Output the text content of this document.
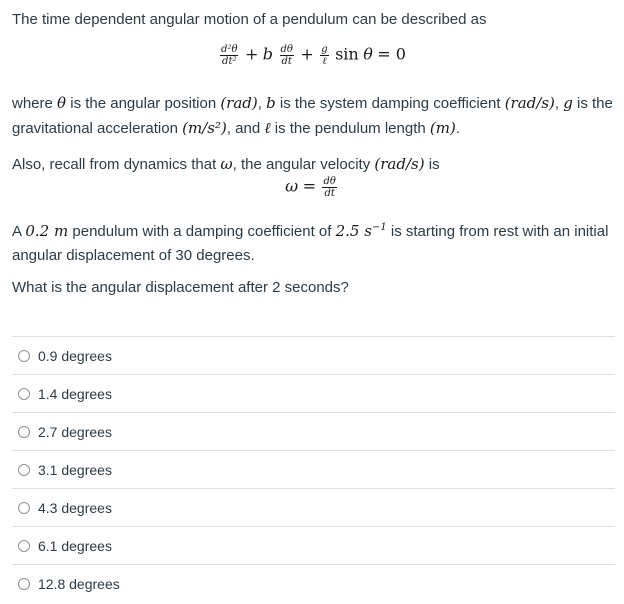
The time dependent angular motion of a pendulum can be described as

$\frac{\text{d²θ}}{\text{dt²}} + b \frac{d\theta}{dt} + \frac{g}{\text{ℓ}}$ sin θ = 0

where θ is the angular position (rad), b is the system damping coefficient (rad/s), g is the gravitational acceleration (m/s²), and ℓ is the pendulum length (m).

Also, recall from dynamics that ω, the angular velocity (rad/s) is

$\omega = \frac{d\theta}{dt}$

A 0.2 m pendulum with a damping coefficient of 2.5 $s^{-1}$ is starting from rest with an initial angular displacement of 30 degrees.

What is the angular displacement after 2 seconds?

0.9 degrees
1.4 degrees
2.7 degrees
3.1 degrees
4.3 degrees
6.1 degrees
12.8 degrees
